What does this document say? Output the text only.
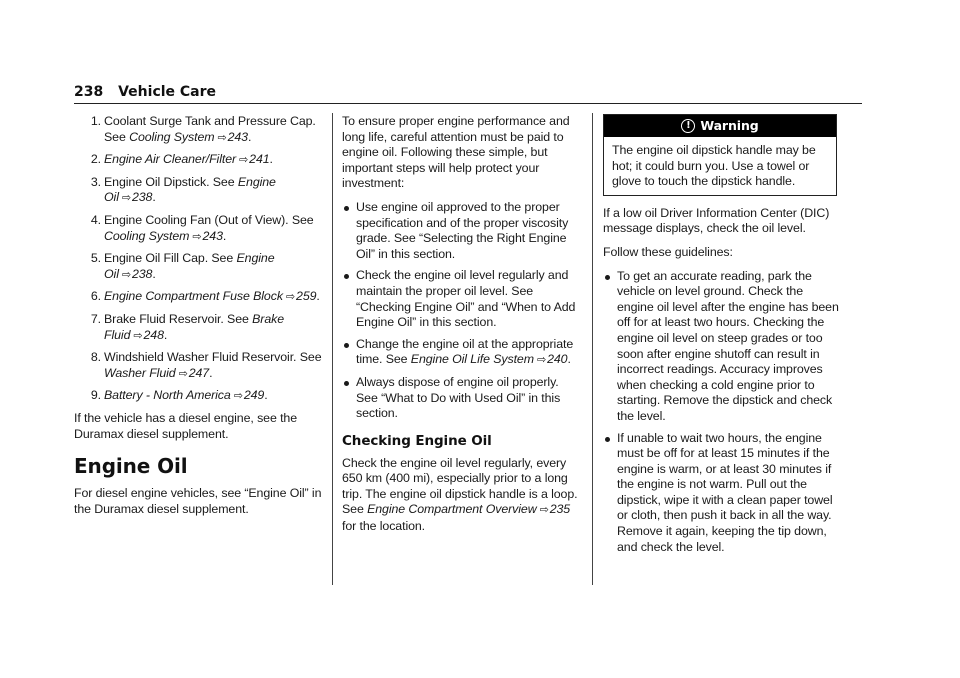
238 Vehicle Care
1. Coolant Surge Tank and Pressure Cap. See Cooling System ⇨243.
2. Engine Air Cleaner/Filter ⇨241.
3. Engine Oil Dipstick. See Engine Oil ⇨238.
4. Engine Cooling Fan (Out of View). See Cooling System ⇨243.
5. Engine Oil Fill Cap. See Engine Oil ⇨238.
6. Engine Compartment Fuse Block ⇨259.
7. Brake Fluid Reservoir. See Brake Fluid ⇨248.
8. Windshield Washer Fluid Reservoir. See Washer Fluid ⇨247.
9. Battery - North America ⇨249.

If the vehicle has a diesel engine, see the Duramax diesel supplement.

Engine Oil

For diesel engine vehicles, see “Engine Oil” in the Duramax diesel supplement.

To ensure proper engine performance and long life, careful attention must be paid to engine oil. Following these simple, but important steps will help protect your investment:

Use engine oil approved to the proper specification and of the proper viscosity grade. See “Selecting the Right Engine Oil” in this section.
Check the engine oil level regularly and maintain the proper oil level. See “Checking Engine Oil” and “When to Add Engine Oil” in this section.
Change the engine oil at the appropriate time. See Engine Oil Life System ⇨240.
Always dispose of engine oil properly. See “What to Do with Used Oil” in this section.
Checking Engine Oil

Check the engine oil level regularly, every 650 km (400 mi), especially prior to a long trip. The engine oil dipstick handle is a loop. See Engine Compartment Overview ⇨235 for the location.

! Warning
The engine oil dipstick handle may be hot; it could burn you. Use a towel or glove to touch the dipstick handle.

If a low oil Driver Information Center (DIC) message displays, check the oil level.

Follow these guidelines:

To get an accurate reading, park the vehicle on level ground. Check the engine oil level after the engine has been off for at least two hours. Checking the engine oil level on steep grades or too soon after engine shutoff can result in incorrect readings. Accuracy improves when checking a cold engine prior to starting. Remove the dipstick and check the level.
If unable to wait two hours, the engine must be off for at least 15 minutes if the engine is warm, or at least 30 minutes if the engine is not warm. Pull out the dipstick, wipe it with a clean paper towel or cloth, then push it back in all the way. Remove it again, keeping the tip down, and check the level.
